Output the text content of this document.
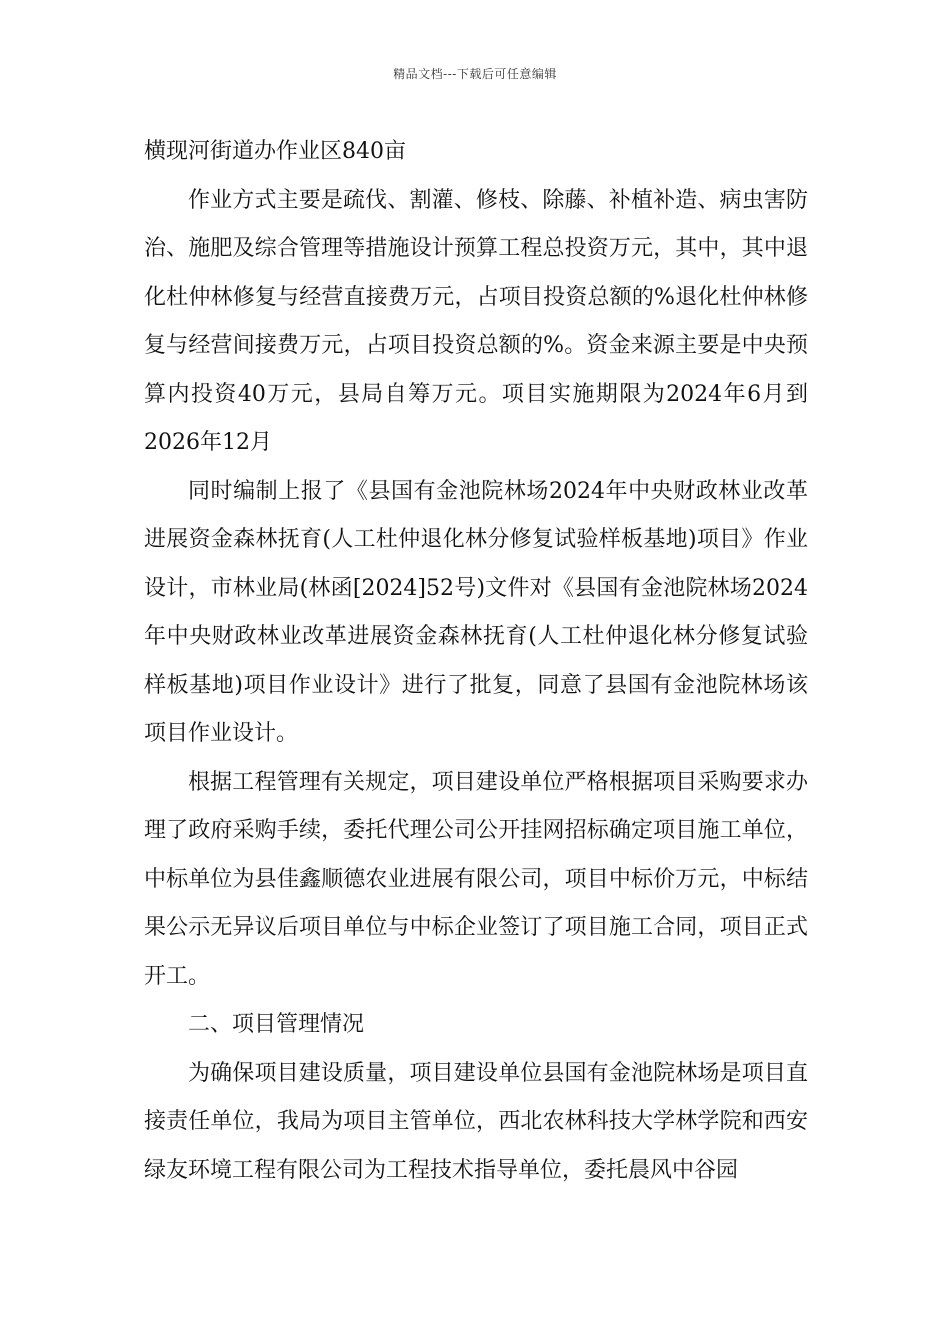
精品文档---下载后可任意编辑

横现河街道办作业区840亩

作业方式主要是疏伐、割灌、修枝、除藤、补植补造、病虫害防治、施肥及综合管理等措施设计预算工程总投资万元，其中，其中退化杜仲林修复与经营直接费万元，占项目投资总额的%退化杜仲林修复与经营间接费万元，占项目投资总额的%。资金来源主要是中央预算内投资40万元，县局自筹万元。项目实施期限为2024年6月到2026年12月

同时编制上报了《县国有金池院林场2024年中央财政林业改革进展资金森林抚育(人工杜仲退化林分修复试验样板基地)项目》作业设计，市林业局(林函[2024]52号)文件对《县国有金池院林场2024年中央财政林业改革进展资金森林抚育(人工杜仲退化林分修复试验样板基地)项目作业设计》进行了批复，同意了县国有金池院林场该项目作业设计。

根据工程管理有关规定，项目建设单位严格根据项目采购要求办理了政府采购手续，委托代理公司公开挂网招标确定项目施工单位，中标单位为县佳鑫顺德农业进展有限公司，项目中标价万元，中标结果公示无异议后项目单位与中标企业签订了项目施工合同，项目正式开工。

二、项目管理情况

为确保项目建设质量，项目建设单位县国有金池院林场是项目直接责任单位，我局为项目主管单位，西北农林科技大学林学院和西安绿友环境工程有限公司为工程技术指导单位，委托晨风中谷园
